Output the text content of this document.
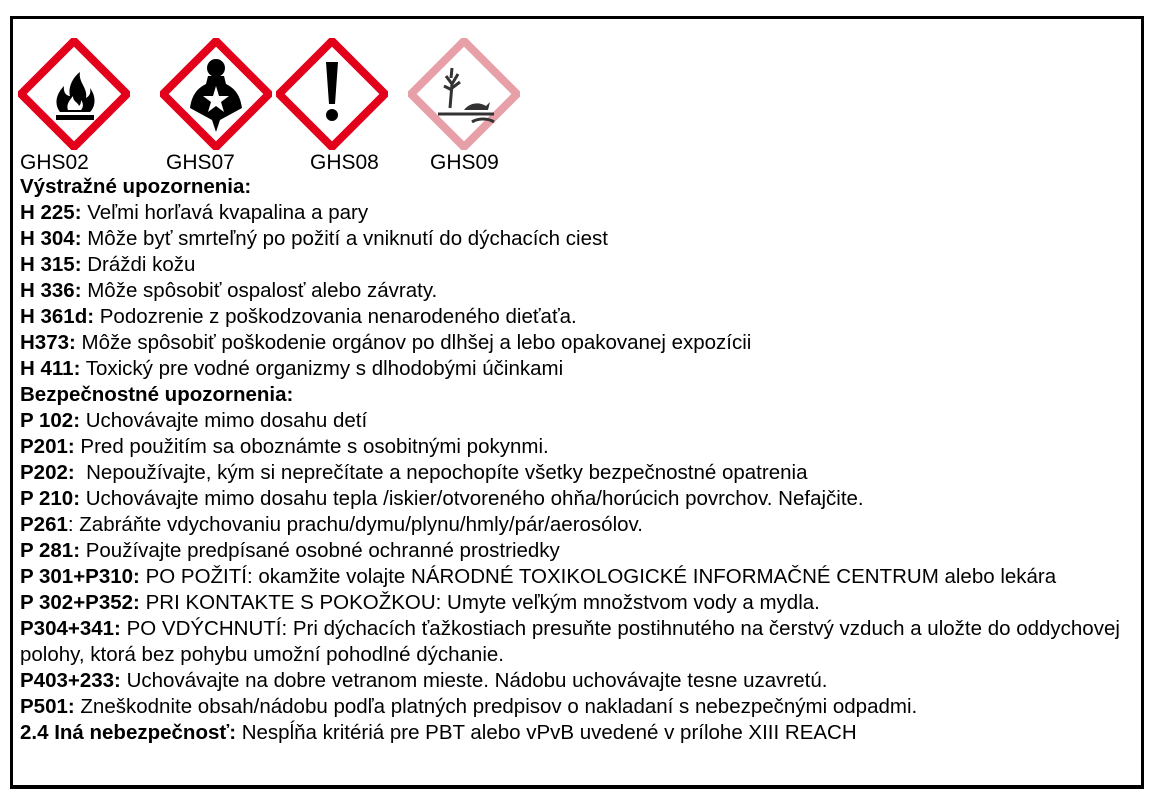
GHS02	GHS07	GHS08 GHS09
Výstražné upozornenia:
H 225: Veľmi horľavá kvapalina a pary
H 304: Môže byť smrteľný po požití a vniknutí do dýchacích ciest
H 315: Dráždi kožu
H 336: Môže spôsobiť ospalosť alebo závraty.
H 361d: Podozrenie z poškodzovania nenarodeného dieťaťa.
H373: Môže spôsobiť poškodenie orgánov po dlhšej a lebo opakovanej expozícii
H 411: Toxický pre vodné organizmy s dlhodobými účinkami
Bezpečnostné upozornenia:
P 102: Uchovávajte mimo dosahu detí
P201: Pred použitím sa oboznámte s osobitnými pokynmi.
P202:  Nepoužívajte, kým si neprečítate a nepochopíte všetky bezpečnostné opatrenia
P 210: Uchovávajte mimo dosahu tepla /iskier/otvoreného ohňa/horúcich povrchov. Nefajčite.
P261: Zabráňte vdychovaniu prachu/dymu/plynu/hmly/pár/aerosólov.
P 281: Používajte predpísané osobné ochranné prostriedky
P 301+P310: PO POŽITÍ: okamžite volajte NÁRODNÉ TOXIKOLOGICKÉ INFORMAČNÉ CENTRUM alebo lekára
P 302+P352: PRI KONTAKTE S POKOŽKOU: Umyte veľkým množstvom vody a mydla.
P304+341: PO VDÝCHNUTÍ: Pri dýchacích ťažkostiach presuňte postihnutého na čerstvý vzduch a uložte do oddychovej polohy, ktorá bez pohybu umožní pohodlné dýchanie.
P403+233: Uchovávajte na dobre vetranom mieste. Nádobu uchovávajte tesne uzavretú.
P501: Zneškodnite obsah/nádobu podľa platných predpisov o nakladaní s nebezpečnými odpadmi.
2.4 Iná nebezpečnosť: Nespĺňa kritériá pre PBT alebo vPvB uvedené v prílohe XIII REACH
